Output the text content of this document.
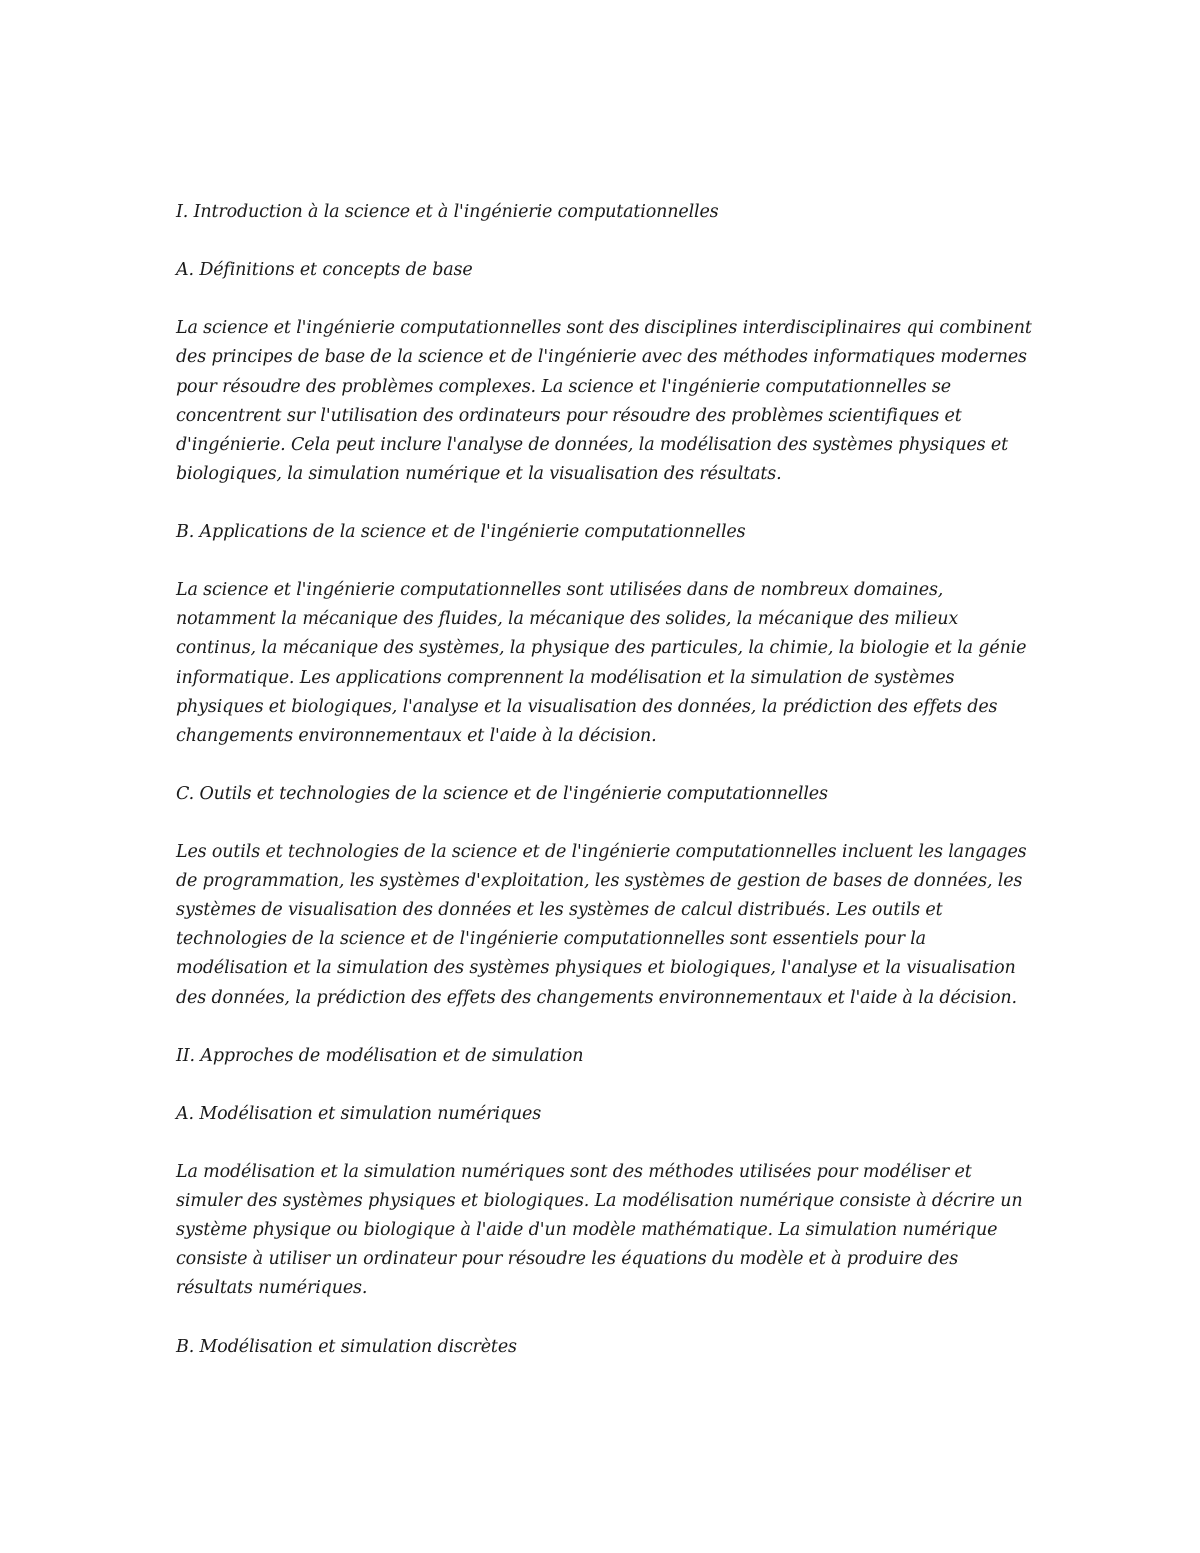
I. Introduction à la science et à l'ingénierie computationnelles

A. Définitions et concepts de base

La science et l'ingénierie computationnelles sont des disciplines interdisciplinaires qui combinent des principes de base de la science et de l'ingénierie avec des méthodes informatiques modernes pour résoudre des problèmes complexes. La science et l'ingénierie computationnelles se concentrent sur l'utilisation des ordinateurs pour résoudre des problèmes scientifiques et d'ingénierie. Cela peut inclure l'analyse de données, la modélisation des systèmes physiques et biologiques, la simulation numérique et la visualisation des résultats.

B. Applications de la science et de l'ingénierie computationnelles

La science et l'ingénierie computationnelles sont utilisées dans de nombreux domaines, notamment la mécanique des fluides, la mécanique des solides, la mécanique des milieux continus, la mécanique des systèmes, la physique des particules, la chimie, la biologie et la génie informatique. Les applications comprennent la modélisation et la simulation de systèmes physiques et biologiques, l'analyse et la visualisation des données, la prédiction des effets des changements environnementaux et l'aide à la décision.

C. Outils et technologies de la science et de l'ingénierie computationnelles

Les outils et technologies de la science et de l'ingénierie computationnelles incluent les langages de programmation, les systèmes d'exploitation, les systèmes de gestion de bases de données, les systèmes de visualisation des données et les systèmes de calcul distribués. Les outils et technologies de la science et de l'ingénierie computationnelles sont essentiels pour la modélisation et la simulation des systèmes physiques et biologiques, l'analyse et la visualisation des données, la prédiction des effets des changements environnementaux et l'aide à la décision.

II. Approches de modélisation et de simulation

A. Modélisation et simulation numériques

La modélisation et la simulation numériques sont des méthodes utilisées pour modéliser et simuler des systèmes physiques et biologiques. La modélisation numérique consiste à décrire un système physique ou biologique à l'aide d'un modèle mathématique. La simulation numérique consiste à utiliser un ordinateur pour résoudre les équations du modèle et à produire des résultats numériques.

B. Modélisation et simulation discrètes
